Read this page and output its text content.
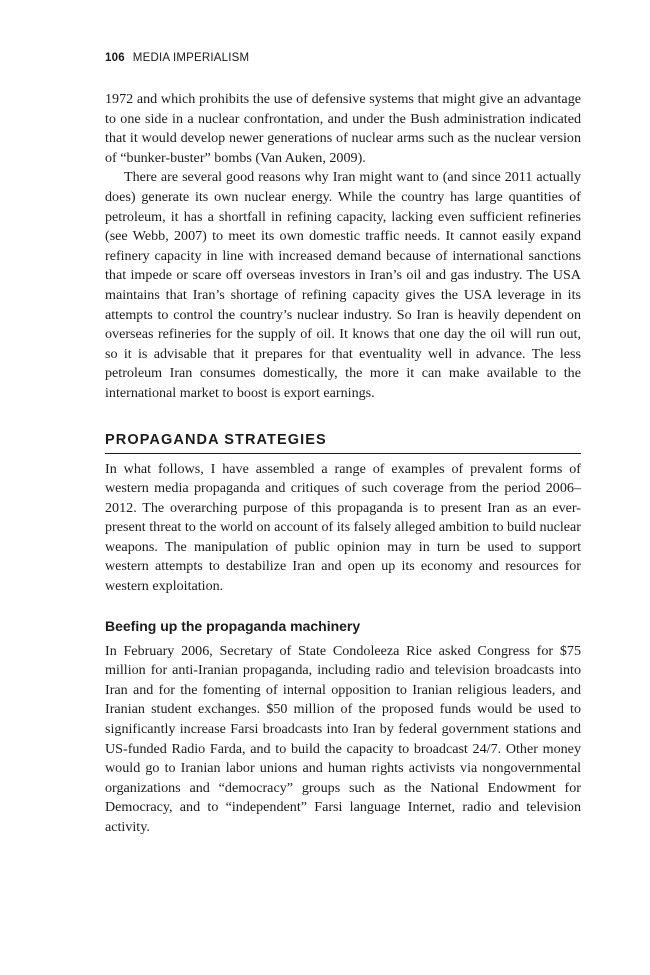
106 MEDIA IMPERIALISM

1972 and which prohibits the use of defensive systems that might give an advantage to one side in a nuclear confrontation, and under the Bush administration indicated that it would develop newer generations of nuclear arms such as the nuclear version of “bunker-buster” bombs (Van Auken, 2009).

There are several good reasons why Iran might want to (and since 2011 actually does) generate its own nuclear energy. While the country has large quantities of petroleum, it has a shortfall in refining capacity, lacking even sufficient refineries (see Webb, 2007) to meet its own domestic traffic needs. It cannot easily expand refinery capacity in line with increased demand because of international sanctions that impede or scare off overseas investors in Iran’s oil and gas industry. The USA maintains that Iran’s shortage of refining capacity gives the USA leverage in its attempts to control the country’s nuclear industry. So Iran is heavily dependent on overseas refineries for the supply of oil. It knows that one day the oil will run out, so it is advisable that it prepares for that eventuality well in advance. The less petroleum Iran consumes domestically, the more it can make available to the international market to boost is export earnings.

PROPAGANDA STRATEGIES

In what follows, I have assembled a range of examples of prevalent forms of western media propaganda and critiques of such coverage from the period 2006–2012. The overarching purpose of this propaganda is to present Iran as an ever-present threat to the world on account of its falsely alleged ambition to build nuclear weapons. The manipulation of public opinion may in turn be used to support western attempts to destabilize Iran and open up its economy and resources for western exploitation.

Beefing up the propaganda machinery

In February 2006, Secretary of State Condoleeza Rice asked Congress for $75 million for anti-Iranian propaganda, including radio and television broadcasts into Iran and for the fomenting of internal opposition to Iranian religious leaders, and Iranian student exchanges. $50 million of the proposed funds would be used to significantly increase Farsi broadcasts into Iran by federal government stations and US-funded Radio Farda, and to build the capacity to broadcast 24/7. Other money would go to Iranian labor unions and human rights activists via nongovernmental organizations and “democracy” groups such as the National Endowment for Democracy, and to “independent” Farsi language Internet, radio and television activity.
